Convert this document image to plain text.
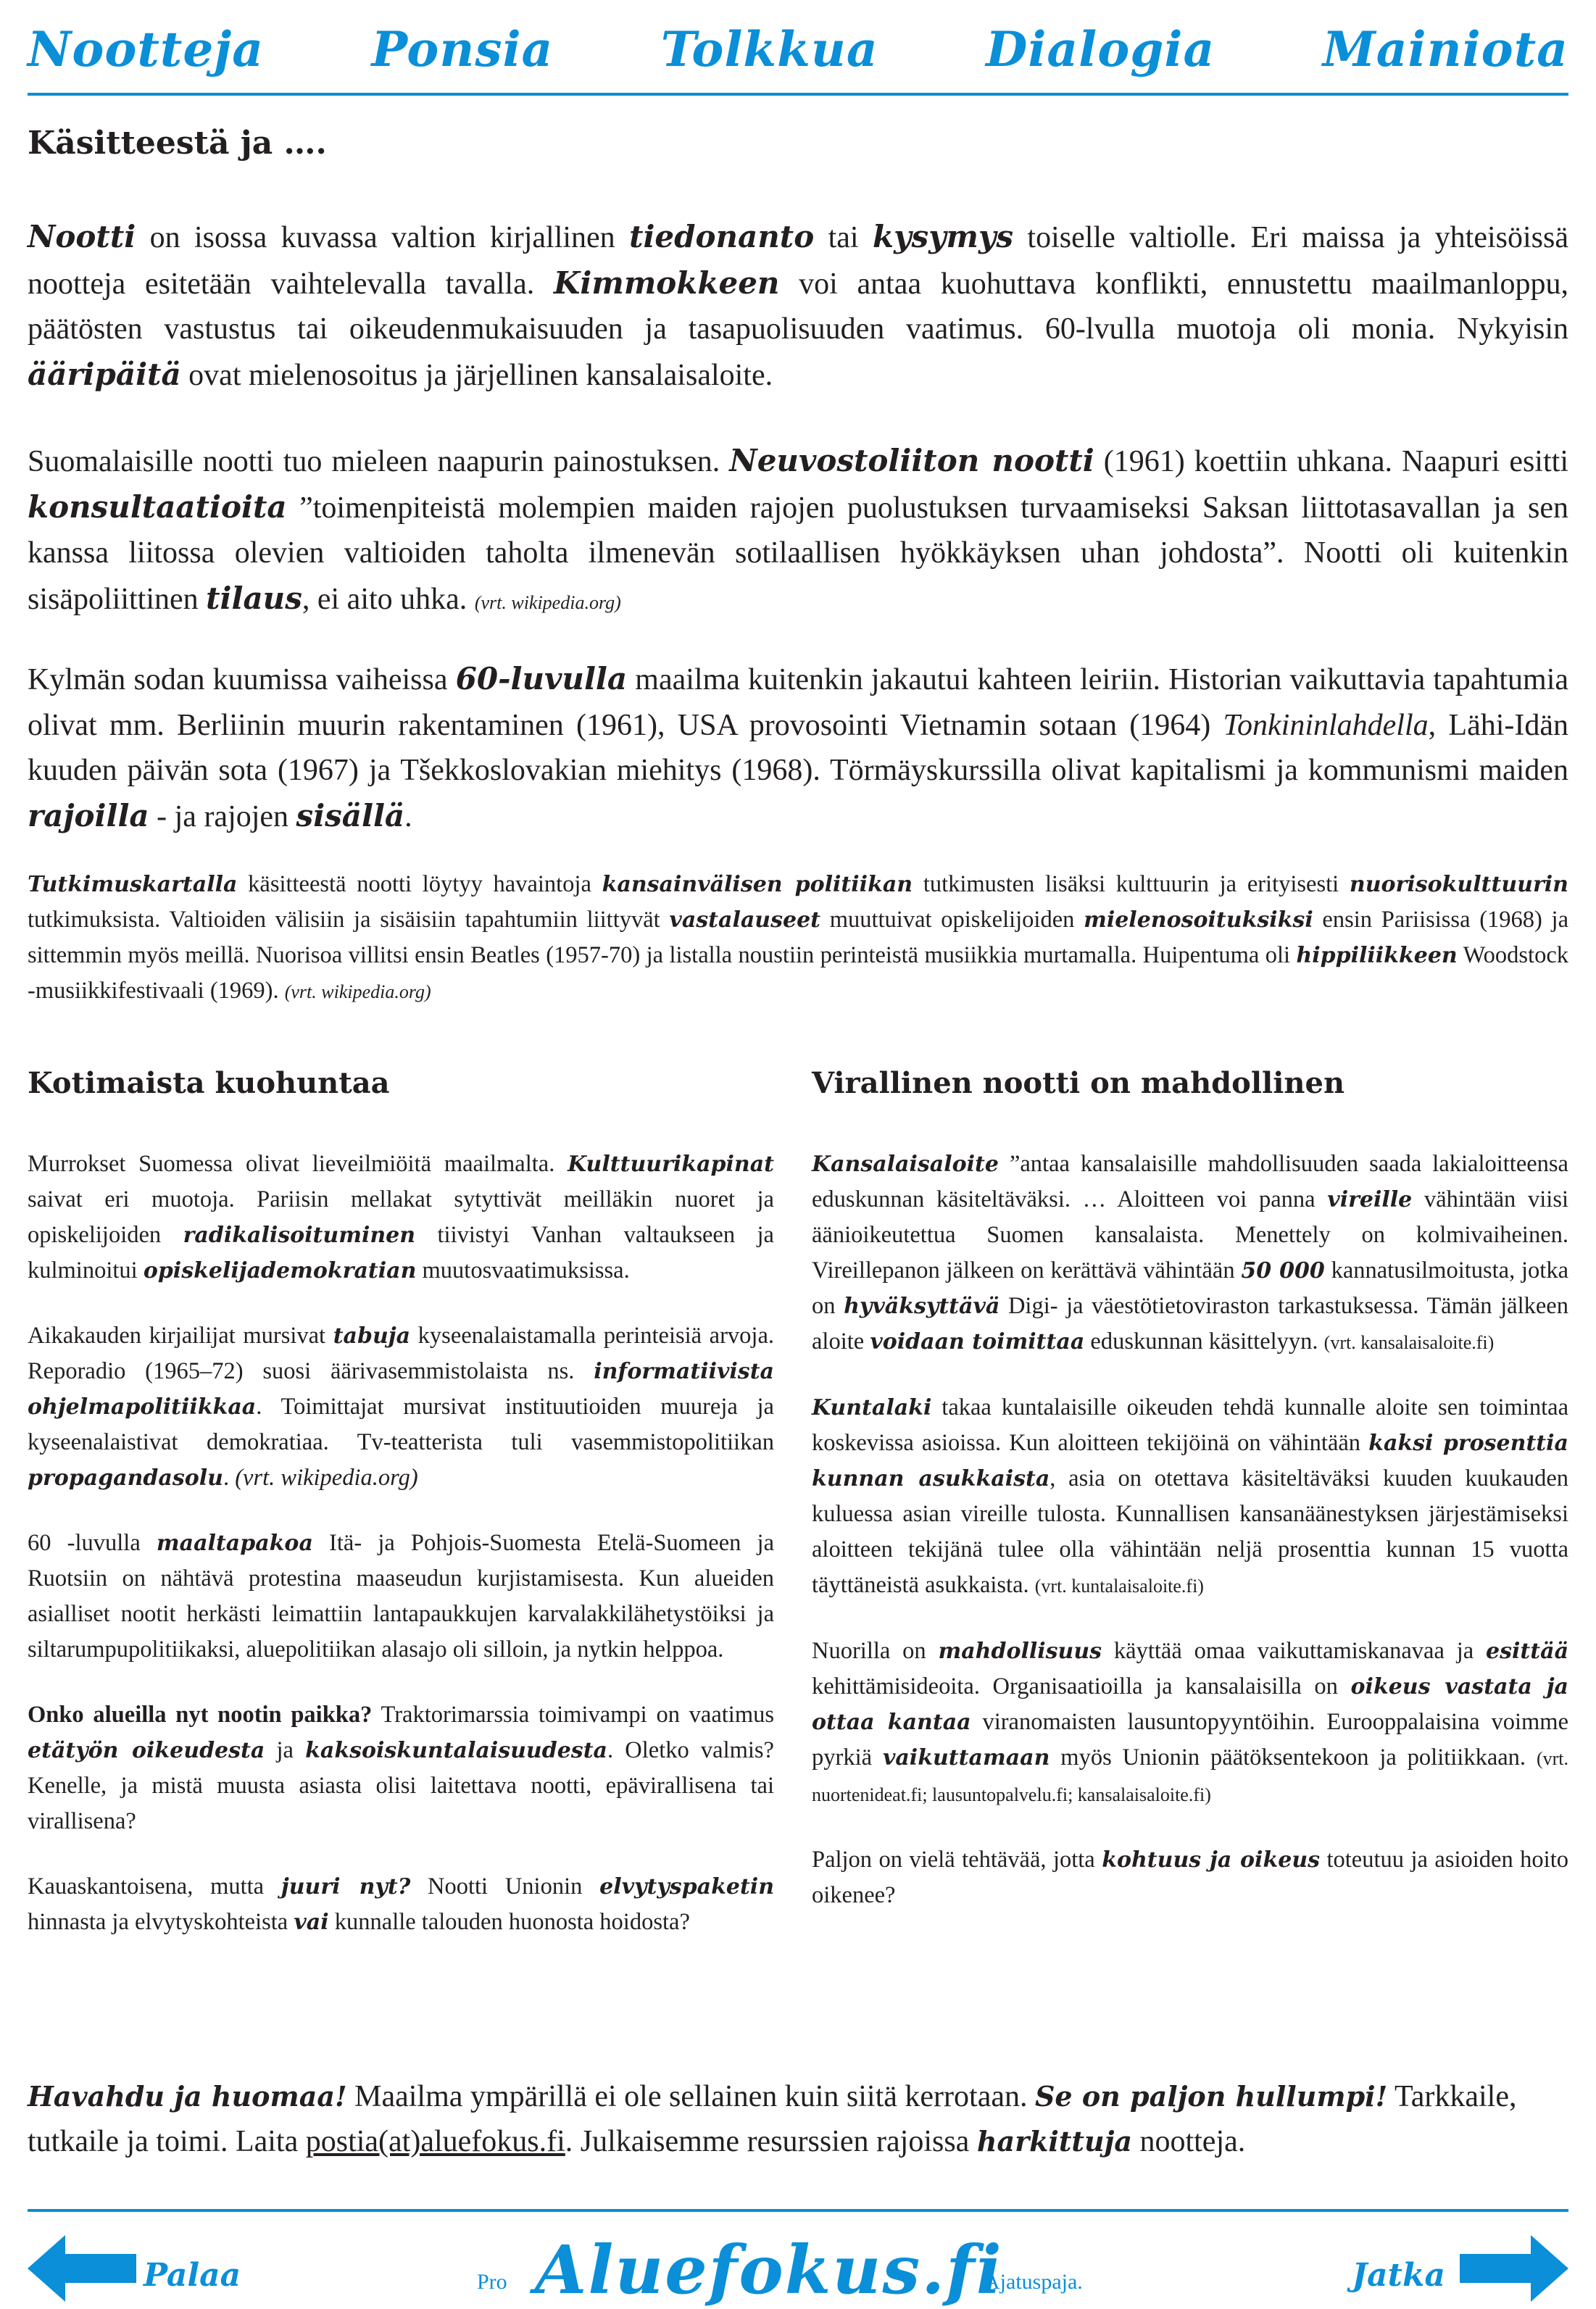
Nootteja Ponsia Tolkkua Dialogia Mainiota
Käsitteestä ja ….
Nootti on isossa kuvassa valtion kirjallinen tiedonanto tai kysymys toiselle valtiolle. Eri maissa ja yhteisöissä nootteja esitetään vaihtelevalla tavalla. Kimmokkeen voi antaa kuohuttava konflikti, ennustettu maailmanloppu, päätösten vastustus tai oikeudenmukaisuuden ja tasapuolisuuden vaatimus. 60-lvulla muotoja oli monia. Nykyisin ääripäitä ovat mielenosoitus ja järjellinen kansalaisaloite.
Suomalaisille nootti tuo mieleen naapurin painostuksen. Neuvostoliiton nootti (1961) koettiin uhkana. Naapuri esitti konsultaatioita ”toimenpiteistä molempien maiden rajojen puolustuksen turvaamiseksi Saksan liittotasavallan ja sen kanssa liitossa olevien valtioiden taholta ilmenevän sotilaallisen hyökkäyksen uhan johdosta”. Nootti oli kuitenkin sisäpoliittinen tilaus, ei aito uhka. (vrt. wikipedia.org)
Kylmän sodan kuumissa vaiheissa 60-luvulla maailma kuitenkin jakautui kahteen leiriin. Historian vaikuttavia tapahtumia olivat mm. Berliinin muurin rakentaminen (1961), USA provosointi Vietnamin sotaan (1964) Tonkininlahdella, Lähi-Idän kuuden päivän sota (1967) ja Tšekkoslovakian miehitys (1968). Törmäyskurssilla olivat kapitalismi ja kommunismi maiden rajoilla - ja rajojen sisällä.
Tutkimuskartalla käsitteestä nootti löytyy havaintoja kansainvälisen politiikan tutkimusten lisäksi kulttuurin ja erityisesti nuorisokulttuurin tutkimuksista. Valtioiden välisiin ja sisäisiin tapahtumiin liittyvät vastalauseet muuttuivat opiskelijoiden mielenosoituksiksi ensin Pariisissa (1968) ja sittemmin myös meillä. Nuorisoa villitsi ensin Beatles (1957-70) ja listalla noustiin perinteistä musiikkia murtamalla. Huipentuma oli hippiliikkeen Woodstock -musiikkifestivaali (1969). (vrt. wikipedia.org)
Kotimaista kuohuntaa

Murrokset Suomessa olivat lieveilmiöitä maailmalta. Kulttuurikapinat saivat eri muotoja. Pariisin mellakat sytyttivät meilläkin nuoret ja opiskelijoiden radikalisoituminen tiivistyi Vanhan valtaukseen ja kulminoitui opiskelijademokratian muutosvaatimuksissa.

Aikakauden kirjailijat mursivat tabuja kyseenalaistamalla perinteisiä arvoja. Reporadio (1965–72) suosi äärivasemmistolaista ns. informatiivista ohjelmapolitiikkaa. Toimittajat mursivat instituutioiden muureja ja kyseenalaistivat demokratiaa. Tv-teatterista tuli vasemmistopolitiikan propagandasolu. (vrt. wikipedia.org)

60 -luvulla maaltapakoa Itä- ja Pohjois-Suomesta Etelä-Suomeen ja Ruotsiin on nähtävä protestina maaseudun kurjistamisesta. Kun alueiden asialliset nootit herkästi leimattiin lantapaukkujen karvalakkilähetystöiksi ja siltarumpupolitiikaksi, aluepolitiikan alasajo oli silloin, ja nytkin helppoa.

Onko alueilla nyt nootin paikka? Traktorimarssia toimivampi on vaatimus etätyön oikeudesta ja kaksoiskuntalaisuudesta. Oletko valmis? Kenelle, ja mistä muusta asiasta olisi laitettava nootti, epävirallisena tai virallisena?

Kauaskantoisena, mutta juuri nyt? Nootti Unionin elvytyspaketin hinnasta ja elvytyskohteista vai kunnalle talouden huonosta hoidosta?

Virallinen nootti on mahdollinen

Kansalaisaloite ”antaa kansalaisille mahdollisuuden saada lakialoitteensa eduskunnan käsiteltäväksi. … Aloitteen voi panna vireille vähintään viisi äänioikeutettua Suomen kansalaista. Menettely on kolmivaiheinen. Vireillepanon jälkeen on kerättävä vähintään 50 000 kannatusilmoitusta, jotka on hyväksyttävä Digi- ja väestötietoviraston tarkastuksessa. Tämän jälkeen aloite voidaan toimittaa eduskunnan käsittelyyn. (vrt. kansalaisaloite.fi)

Kuntalaki takaa kuntalaisille oikeuden tehdä kunnalle aloite sen toimintaa koskevissa asioissa. Kun aloitteen tekijöinä on vähintään kaksi prosenttia kunnan asukkaista, asia on otettava käsiteltäväksi kuuden kuukauden kuluessa asian vireille tulosta. Kunnallisen kansanäänestyksen järjestämiseksi aloitteen tekijänä tulee olla vähintään neljä prosenttia kunnan 15 vuotta täyttäneistä asukkaista. (vrt. kuntalaisaloite.fi)

Nuorilla on mahdollisuus käyttää omaa vaikuttamiskanavaa ja esittää kehittämisideoita. Organisaatioilla ja kansalaisilla on oikeus vastata ja ottaa kantaa viranomaisten lausuntopyyntöihin. Eurooppalaisina voimme pyrkiä vaikuttamaan myös Unionin päätöksentekoon ja politiikkaan. (vrt. nuortenideat.fi; lausuntopalvelu.fi; kansalaisaloite.fi)

Paljon on vielä tehtävää, jotta kohtuus ja oikeus toteutuu ja asioiden hoito oikenee?

Havahdu ja huomaa! Maailma ympärillä ei ole sellainen kuin siitä kerrotaan. Se on paljon hullumpi! Tarkkaile, tutkaile ja toimi. Laita postia(at)aluefokus.fi. Julkaisemme resurssien rajoissa harkittuja nootteja.
Palaa	Pro Aluefokus.fi
Ajatuspaja.	Jatka
